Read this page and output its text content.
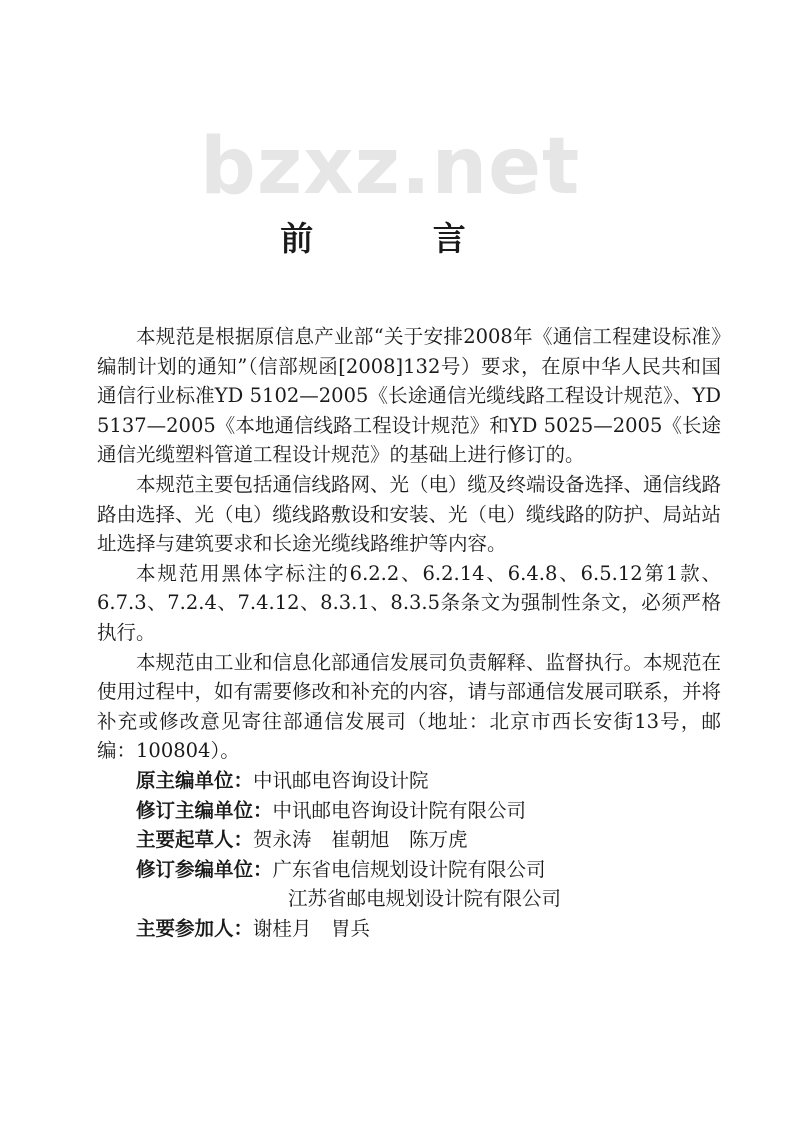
bzxz.net
前 言

本规范是根据原信息产业部“关于安排2008年《通信工程建设标准》编制计划的通知”（信部规函[2008]132号）要求，在原中华人民共和国通信行业标准YD 5102—2005《长途通信光缆线路工程设计规范》、YD 5137—2005《本地通信线路工程设计规范》和YD 5025—2005《长途通信光缆塑料管道工程设计规范》的基础上进行修订的。

本规范主要包括通信线路网、光（电）缆及终端设备选择、通信线路路由选择、光（电）缆线路敷设和安装、光（电）缆线路的防护、局站站址选择与建筑要求和长途光缆线路维护等内容。

本规范用黑体字标注的6.2.2、6.2.14、6.4.8、6.5.12第1款、6.7.3、7.2.4、7.4.12、8.3.1、8.3.5条条文为强制性条文，必须严格执行。

本规范由工业和信息化部通信发展司负责解释、监督执行。本规范在使用过程中，如有需要修改和补充的内容，请与部通信发展司联系，并将补充或修改意见寄往部通信发展司（地址：北京市西长安街13号，邮编：100804）。

原主编单位：中讯邮电咨询设计院

修订主编单位：中讯邮电咨询设计院有限公司

主要起草人：贺永涛　崔朝旭　陈万虎

修订参编单位：广东省电信规划设计院有限公司

江苏省邮电规划设计院有限公司

主要参加人：谢桂月　胃兵
